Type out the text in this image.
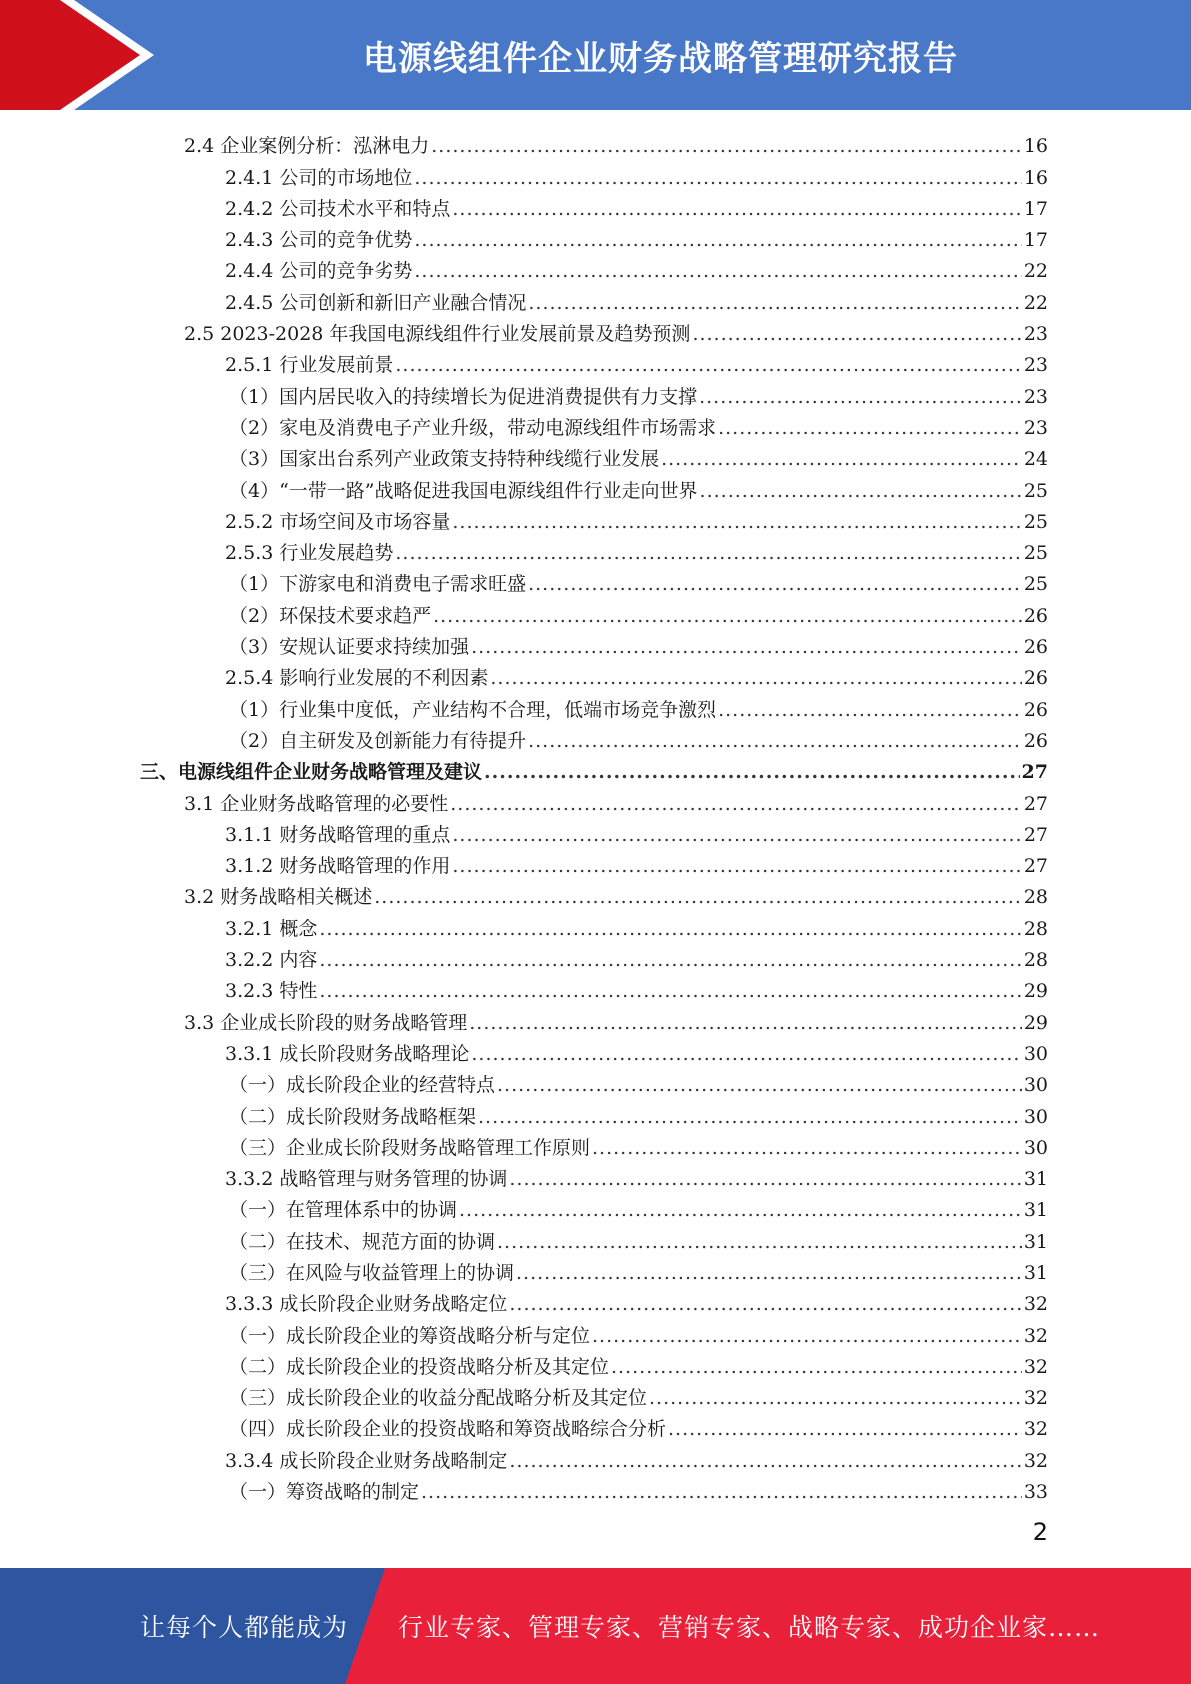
电源线组件企业财务战略管理研究报告
2.4 企业案例分析：泓淋电力 .....	16
2.4.1 公司的市场地位 .....	16
2.4.2 公司技术水平和特点 .....	17
2.4.3 公司的竞争优势 .....	17
2.4.4 公司的竞争劣势 .....	22
2.4.5 公司创新和新旧产业融合情况 .....	22
2.5 2023-2028 年我国电源线组件行业发展前景及趋势预测 .....	23
2.5.1 行业发展前景 .....	23
（1）国内居民收入的持续增长为促进消费提供有力支撑 .....	23
（2）家电及消费电子产业升级，带动电源线组件市场需求 .....	23
（3）国家出台系列产业政策支持特种线缆行业发展 .....	24
（4）“一带一路”战略促进我国电源线组件行业走向世界 .....	25
2.5.2 市场空间及市场容量 .....	25
2.5.3 行业发展趋势 .....	25
（1）下游家电和消费电子需求旺盛 .....	25
（2）环保技术要求趋严 .....	26
（3）安规认证要求持续加强 .....	26
2.5.4 影响行业发展的不利因素 .....	26
（1）行业集中度低，产业结构不合理，低端市场竞争激烈 .....	26
（2）自主研发及创新能力有待提升 .....	26
三、电源线组件企业财务战略管理及建议 .....	27
3.1 企业财务战略管理的必要性 .....	27
3.1.1 财务战略管理的重点 .....	27
3.1.2 财务战略管理的作用 .....	27
3.2 财务战略相关概述 .....	28
3.2.1 概念 .....	28
3.2.2 内容 .....	28
3.2.3 特性 .....	29
3.3 企业成长阶段的财务战略管理 .....	29
3.3.1 成长阶段财务战略理论 .....	30
（一）成长阶段企业的经营特点 .....	30
（二）成长阶段财务战略框架 .....	30
（三）企业成长阶段财务战略管理工作原则 .....	30
3.3.2 战略管理与财务管理的协调 .....	31
（一）在管理体系中的协调 .....	31
（二）在技术、规范方面的协调 .....	31
（三）在风险与收益管理上的协调 .....	31
3.3.3 成长阶段企业财务战略定位 .....	32
（一）成长阶段企业的筹资战略分析与定位 .....	32
（二）成长阶段企业的投资战略分析及其定位 .....	32
（三）成长阶段企业的收益分配战略分析及其定位 .....	32
（四）成长阶段企业的投资战略和筹资战略综合分析 .....	32
3.3.4 成长阶段企业财务战略制定 .....	32
（一）筹资战略的制定 .....	33
2
让每个人都能成为 行业专家、管理专家、营销专家、战略专家、成功企业家……
